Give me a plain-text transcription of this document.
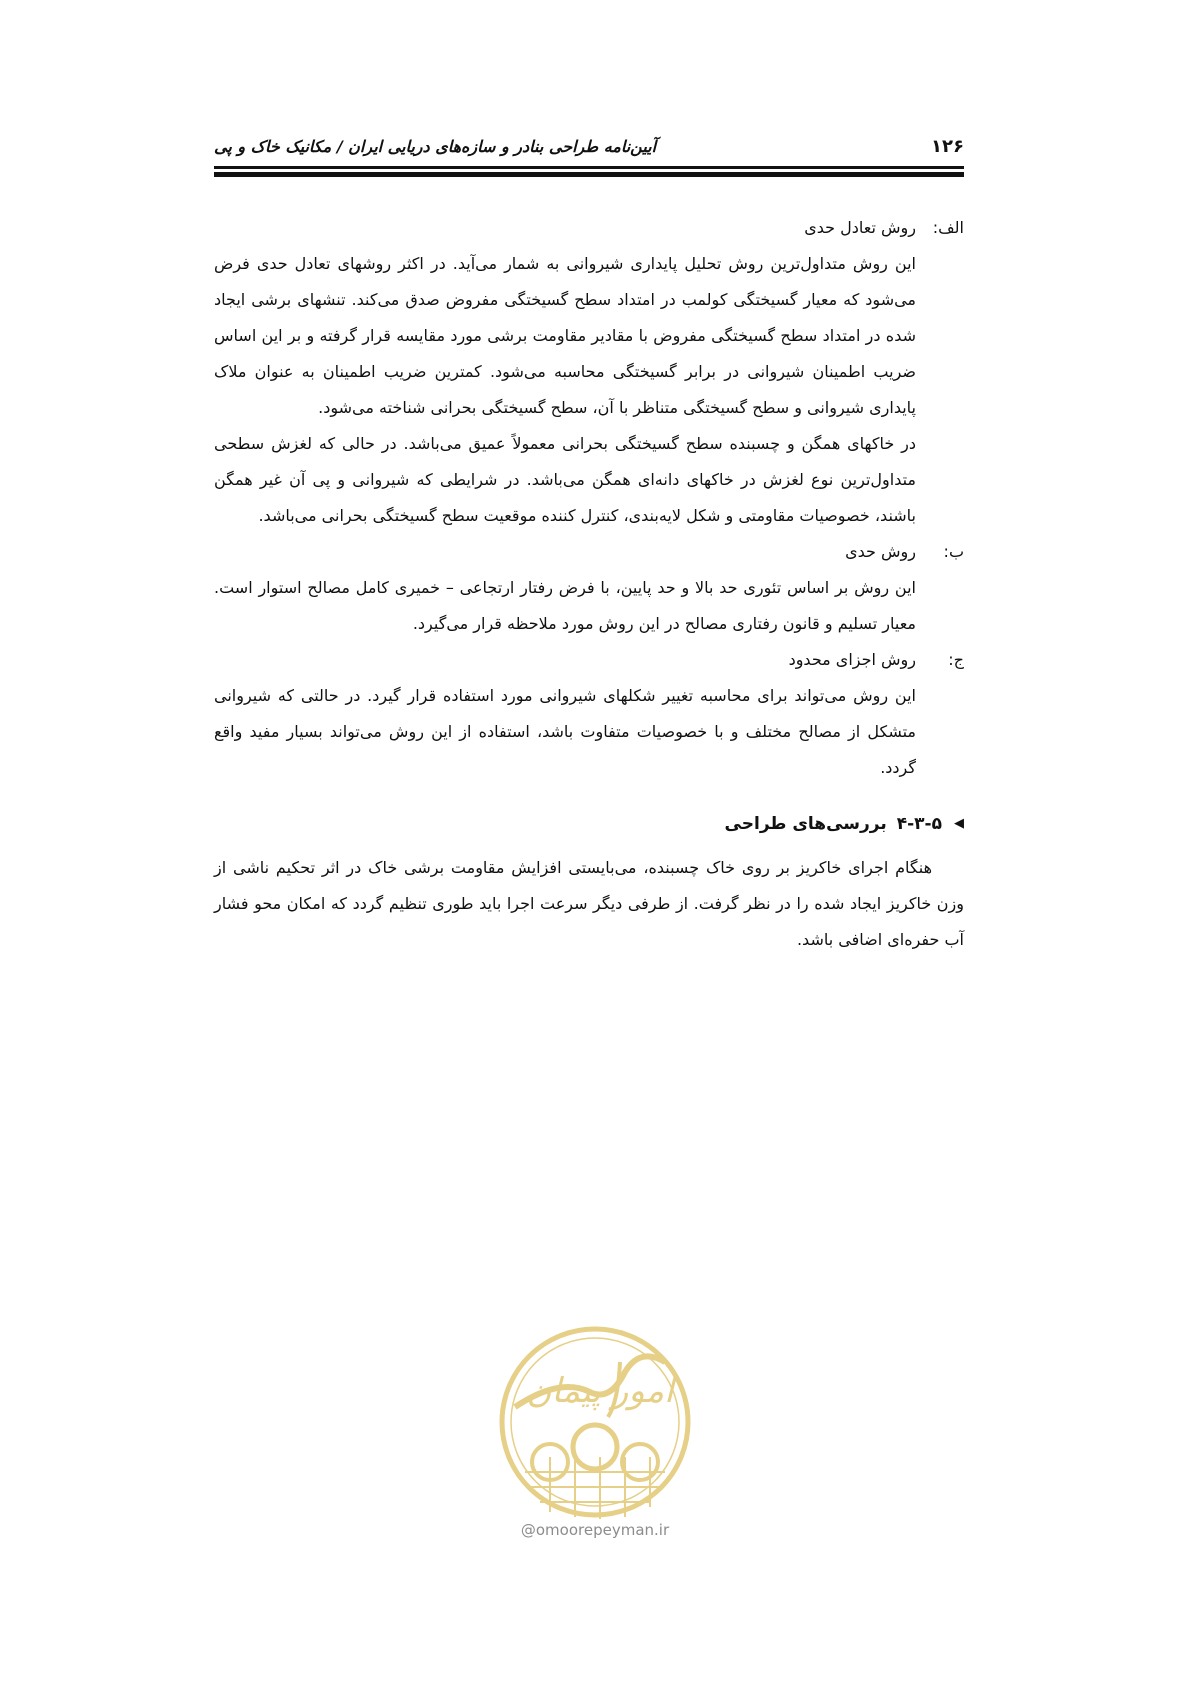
۱۲۶
آیین‌نامه طراحی بنادر و سازه‌های دریایی ایران / مکانیک خاک و پی
الف:
روش تعادل حدی

این روش متداول‌ترین روش تحلیل پایداری شیروانی به شمار می‌آید. در اکثر روشهای تعادل حدی فرض می‌شود که معیار گسیختگی کولمب در امتداد سطح گسیختگی مفروض صدق می‌کند. تنشهای برشی ایجاد شده در امتداد سطح گسیختگی مفروض با مقادیر مقاومت برشی مورد مقایسه قرار گرفته و بر این اساس ضریب اطمینان شیروانی در برابر گسیختگی محاسبه می‌شود. کمترین ضریب اطمینان به عنوان ملاک پایداری شیروانی و سطح گسیختگی متناظر با آن، سطح گسیختگی بحرانی شناخته می‌شود.

در خاکهای همگن و چسبنده سطح گسیختگی بحرانی معمولاً عمیق می‌باشد. در حالی که لغزش سطحی متداول‌ترین نوع لغزش در خاکهای دانه‌ای همگن می‌باشد. در شرایطی که شیروانی و پی آن غیر همگن باشند، خصوصیات مقاومتی و شکل لایه‌بندی، کنترل کننده موقعیت سطح گسیختگی بحرانی می‌باشد.

ب:
روش حدی

این روش بر اساس تئوری حد بالا و حد پایین، با فرض رفتار ارتجاعی – خمیری کامل مصالح استوار است. معیار تسلیم و قانون رفتاری مصالح در این روش مورد ملاحظه قرار می‌گیرد.

ج:
روش اجزای محدود

این روش می‌تواند برای محاسبه تغییر شکلهای شیروانی مورد استفاده قرار گیرد. در حالتی که شیروانی متشکل از مصالح مختلف و با خصوصیات متفاوت باشد، استفاده از این روش می‌تواند بسیار مفید واقع گردد.

◀
۴-۳-۵
بررسی‌های طراحی

هنگام اجرای خاکریز بر روی خاک چسبنده، می‌بایستی افزایش مقاومت برشی خاک در اثر تحکیم ناشی از وزن خاکریز ایجاد شده را در نظر گرفت. از طرفی دیگر سرعت اجرا باید طوری تنظیم گردد که امکان محو فشار آب حفره‌ای اضافی باشد.

امور پیمان
@omoorepeyman.ir
